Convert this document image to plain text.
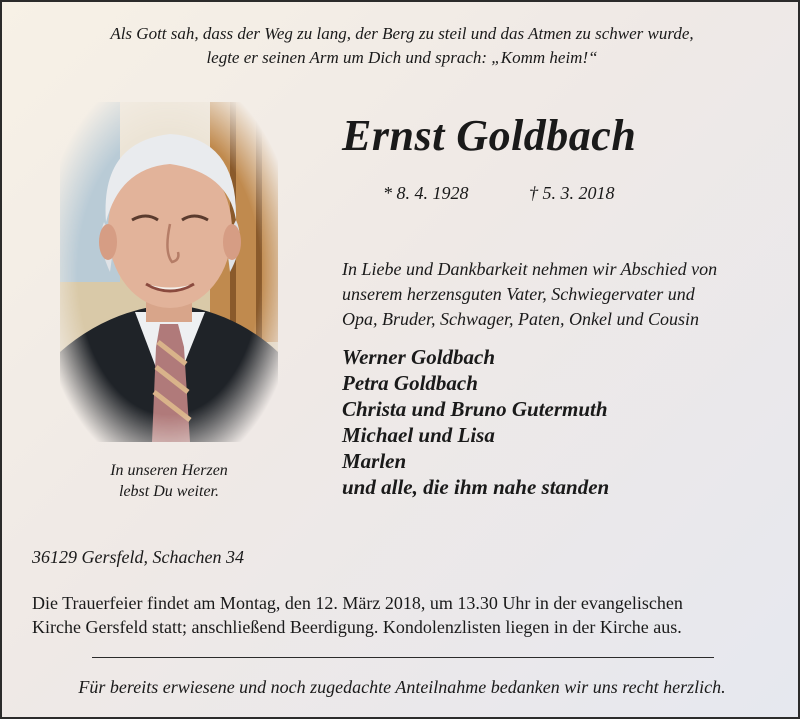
Als Gott sah, dass der Weg zu lang, der Berg zu steil und das Atmen zu schwer wurde,
legte er seinen Arm um Dich und sprach: „Komm heim!“
In unseren Herzen
lebst Du weiter.
Ernst Goldbach
* 8. 4. 1928	† 5. 3. 2018
In Liebe und Dankbarkeit nehmen wir Abschied von
unserem herzensguten Vater, Schwiegervater und
Opa, Bruder, Schwager, Paten, Onkel und Cousin
Werner Goldbach
Petra Goldbach
Christa und Bruno Gutermuth
Michael und Lisa
Marlen
und alle, die ihm nahe standen
36129 Gersfeld, Schachen 34
Die Trauerfeier findet am Montag, den 12. März 2018, um 13.30 Uhr in der evangelischen
Kirche Gersfeld statt; anschließend Beerdigung. Kondolenzlisten liegen in der Kirche aus.
Für bereits erwiesene und noch zugedachte Anteilnahme bedanken wir uns recht herzlich.
